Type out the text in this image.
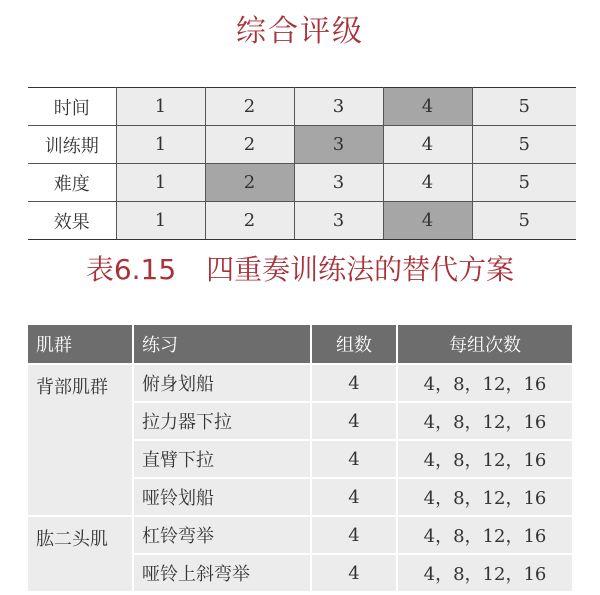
综合评级
时间	1	2	3	4	5
训练期	1	2	3	4	5
难度	1	2	3	4	5
效果	1	2	3	4	5
表6.15 四重奏训练法的替代方案
肌群	练习	组数	每组次数
背部肌群	俯身划船	4	4，8，12，16
	拉力器下拉	4	4，8，12，16
	直臂下拉	4	4，8，12，16
	哑铃划船	4	4，8，12，16
肱二头肌	杠铃弯举	4	4，8，12，16
	哑铃上斜弯举	4	4，8，12，16
